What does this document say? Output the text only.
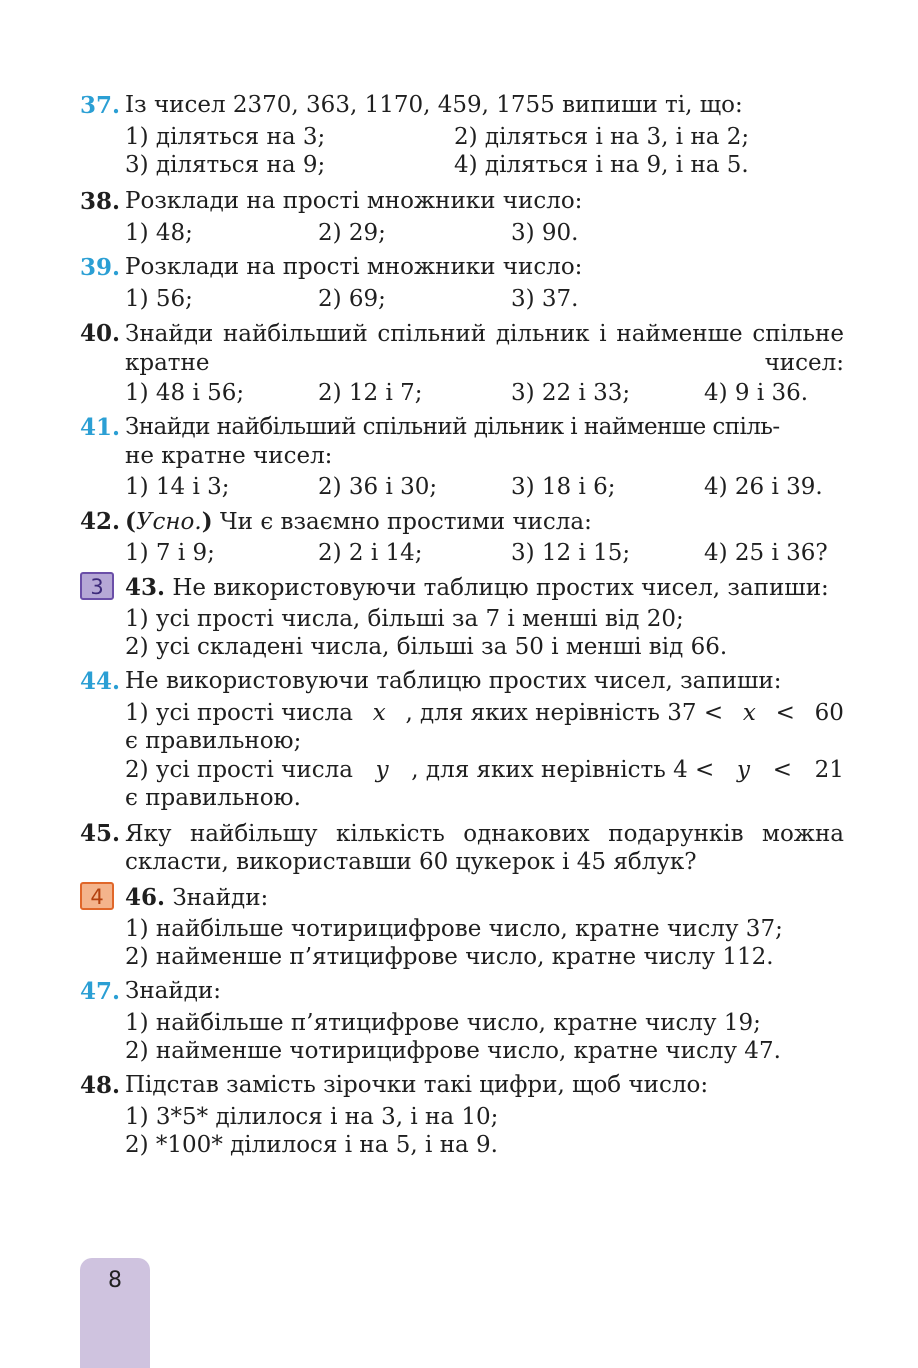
37. Із чисел 2370, 363, 1170, 459, 1755 випиши ті, що:
1) діляться на 3;	2) діляться і на 3, і на 2;
3) діляться на 9;	4) діляться і на 9, і на 5.
38. Розклади на прості множники число:
1) 48;	2) 29;	3) 90.
39. Розклади на прості множники число:
1) 56;	2) 69;	3) 37.
40. Знайди найбільший спільний дільник і найменше спільне кратне чисел:
1) 48 і 56;	2) 12 і 7;	3) 22 і 33;	4) 9 і 36.
41. Знайди найбільший спільний дільник і найменше спіль-
не кратне чисел:
1) 14 і 3;	2) 36 і 30;	3) 18 і 6;	4) 26 і 39.
42. (Усно.) Чи є взаємно простими числа:
1) 7 і 9;	2) 2 і 14;	3) 12 і 15;	4) 25 і 36?
3 43. Не використовуючи таблицю простих чисел, запиши:
1) усі прості числа, більші за 7 і менші від 20;
2) усі складені числа, більші за 50 і менші від 66.
44. Не використовуючи таблицю простих чисел, запиши:
1) усі прості числа x , для яких нерівність 37 < x < 60
є правильною;
2) усі прості числа y , для яких нерівність 4 < y < 21
є правильною.
45. Яку найбільшу кількість однакових подарунків можна
скласти, використавши 60 цукерок і 45 яблук?
4 46. Знайди:
1) найбільше чотирицифрове число, кратне числу 37;
2) найменше п’ятицифрове число, кратне числу 112.
47. Знайди:
1) найбільше п’ятицифрове число, кратне числу 19;
2) найменше чотирицифрове число, кратне числу 47.
48. Підстав замість зірочки такі цифри, щоб число:
1) 3*5* ділилося і на 3, і на 10;
2) *100* ділилося і на 5, і на 9.
8
